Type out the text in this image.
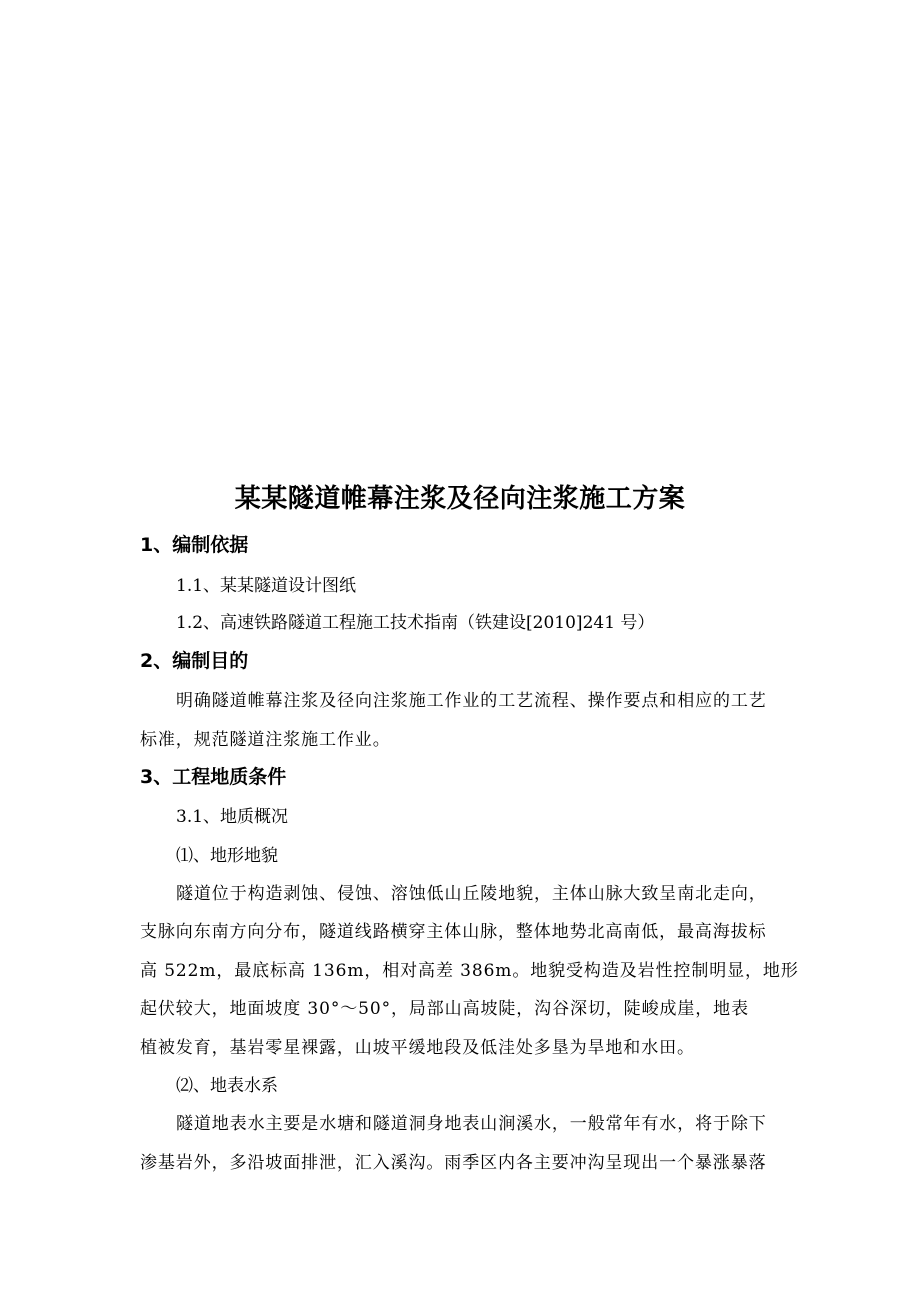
某某隧道帷幕注浆及径向注浆施工方案
1、编制依据
1.1、某某隧道设计图纸
1.2、高速铁路隧道工程施工技术指南（铁建设[2010]241 号）
2、编制目的
明确隧道帷幕注浆及径向注浆施工作业的工艺流程、操作要点和相应的工艺
标准，规范隧道注浆施工作业。
3、工程地质条件
3.1、地质概况
⑴、地形地貌
隧道位于构造剥蚀、侵蚀、溶蚀低山丘陵地貌，主体山脉大致呈南北走向，
支脉向东南方向分布，隧道线路横穿主体山脉，整体地势北高南低，最高海拔标
高 522m，最底标高 136m，相对高差 386m。地貌受构造及岩性控制明显，地形
起伏较大，地面坡度 30°～50°，局部山高坡陡，沟谷深切，陡峻成崖，地表
植被发育，基岩零星裸露，山坡平缓地段及低洼处多垦为旱地和水田。
⑵、地表水系
隧道地表水主要是水塘和隧道洞身地表山涧溪水，一般常年有水，将于除下
渗基岩外，多沿坡面排泄，汇入溪沟。雨季区内各主要冲沟呈现出一个暴涨暴落
